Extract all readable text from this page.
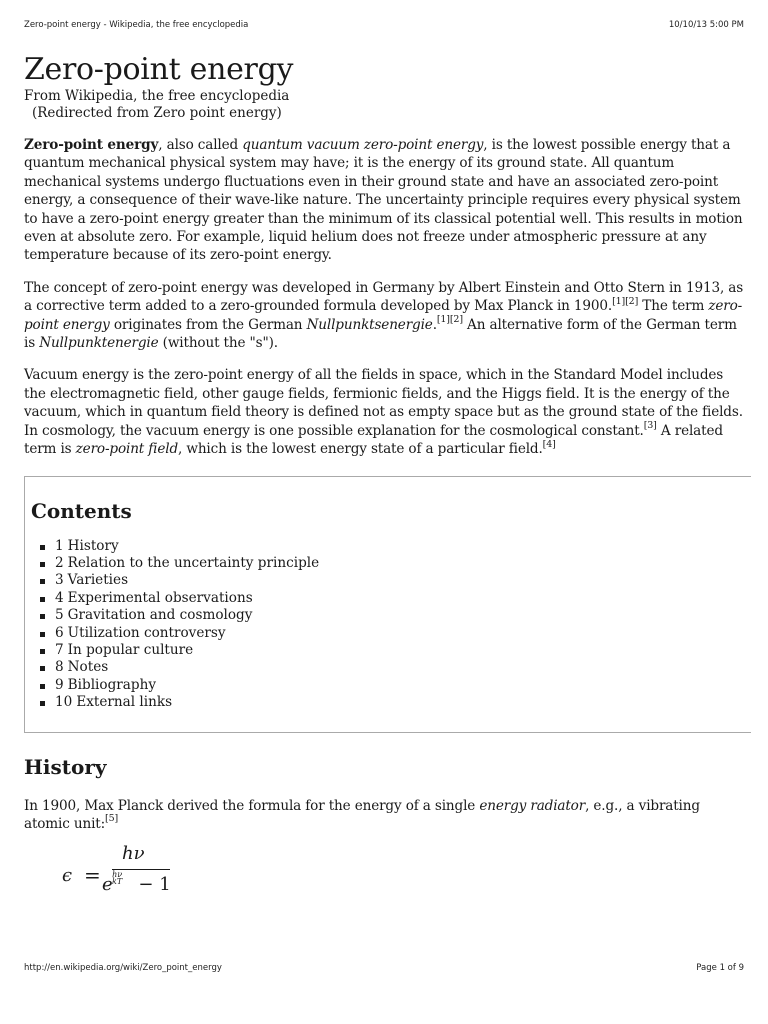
Zero-point energy - Wikipedia, the free encyclopedia	10/10/13 5:00 PM
Zero-point energy
From Wikipedia, the free encyclopedia
(Redirected from Zero point energy)

Zero-point energy, also called quantum vacuum zero-point energy, is the lowest possible energy that a quantum mechanical physical system may have; it is the energy of its ground state. All quantum mechanical systems undergo fluctuations even in their ground state and have an associated zero-point energy, a consequence of their wave-like nature. The uncertainty principle requires every physical system to have a zero-point energy greater than the minimum of its classical potential well. This results in motion even at absolute zero. For example, liquid helium does not freeze under atmospheric pressure at any temperature because of its zero-point energy.

The concept of zero-point energy was developed in Germany by Albert Einstein and Otto Stern in 1913, as a corrective term added to a zero-grounded formula developed by Max Planck in 1900.[1][2] The term zero-point energy originates from the German Nullpunktsenergie.[1][2] An alternative form of the German term is Nullpunktenergie (without the "s").

Vacuum energy is the zero-point energy of all the fields in space, which in the Standard Model includes the electromagnetic field, other gauge fields, fermionic fields, and the Higgs field. It is the energy of the vacuum, which in quantum field theory is defined not as empty space but as the ground state of the fields. In cosmology, the vacuum energy is one possible explanation for the cosmological constant.[3] A related term is zero-point field, which is the lowest energy state of a particular field.[4]

Contents
1 History
2 Relation to the uncertainty principle
3 Varieties
4 Experimental observations
5 Gravitation and cosmology
6 Utilization controversy
7 In popular culture
8 Notes
9 Bibliography
10 External links
History

In 1900, Max Planck derived the formula for the energy of a single energy radiator, e.g., a vibrating atomic unit:[5]

ϵ =
hν
e hν
kT − 1
http://en.wikipedia.org/wiki/Zero_point_energy	Page 1 of 9
